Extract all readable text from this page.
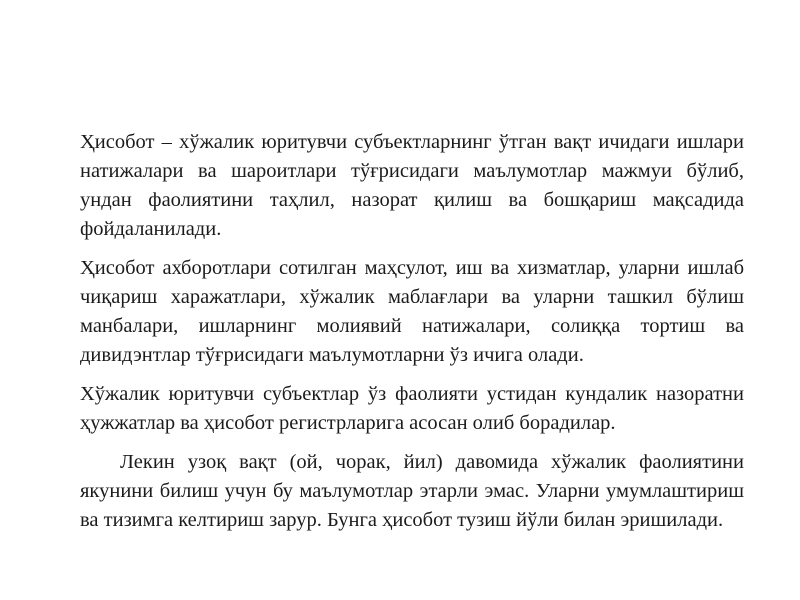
Ҳисобот – хўжалик юритувчи субъектларнинг ўтган вақт ичидаги ишлари натижалари ва шароитлари тўғрисидаги маълумотлар мажмуи бўлиб, ундан фаолиятини таҳлил, назорат қилиш ва бошқариш мақсадида фойдаланилади.

Ҳисобот ахборотлари сотилган маҳсулот, иш ва хизматлар, уларни ишлаб чиқариш харажатлари, хўжалик маблағлари ва уларни ташкил бўлиш манбалари, ишларнинг молиявий натижалари, солиққа тортиш ва дивидэнтлар тўғрисидаги маълумотларни ўз ичига олади.

Хўжалик юритувчи субъектлар ўз фаолияти устидан кундалик назоратни ҳужжатлар ва ҳисобот регистрларига асосан олиб борадилар.

Лекин узоқ вақт (ой, чорак, йил) давомида хўжалик фаолиятини якунини билиш учун бу маълумотлар этарли эмас. Уларни умумлаштириш ва тизимга келтириш зарур. Бунга ҳисобот тузиш йўли билан эришилади.
